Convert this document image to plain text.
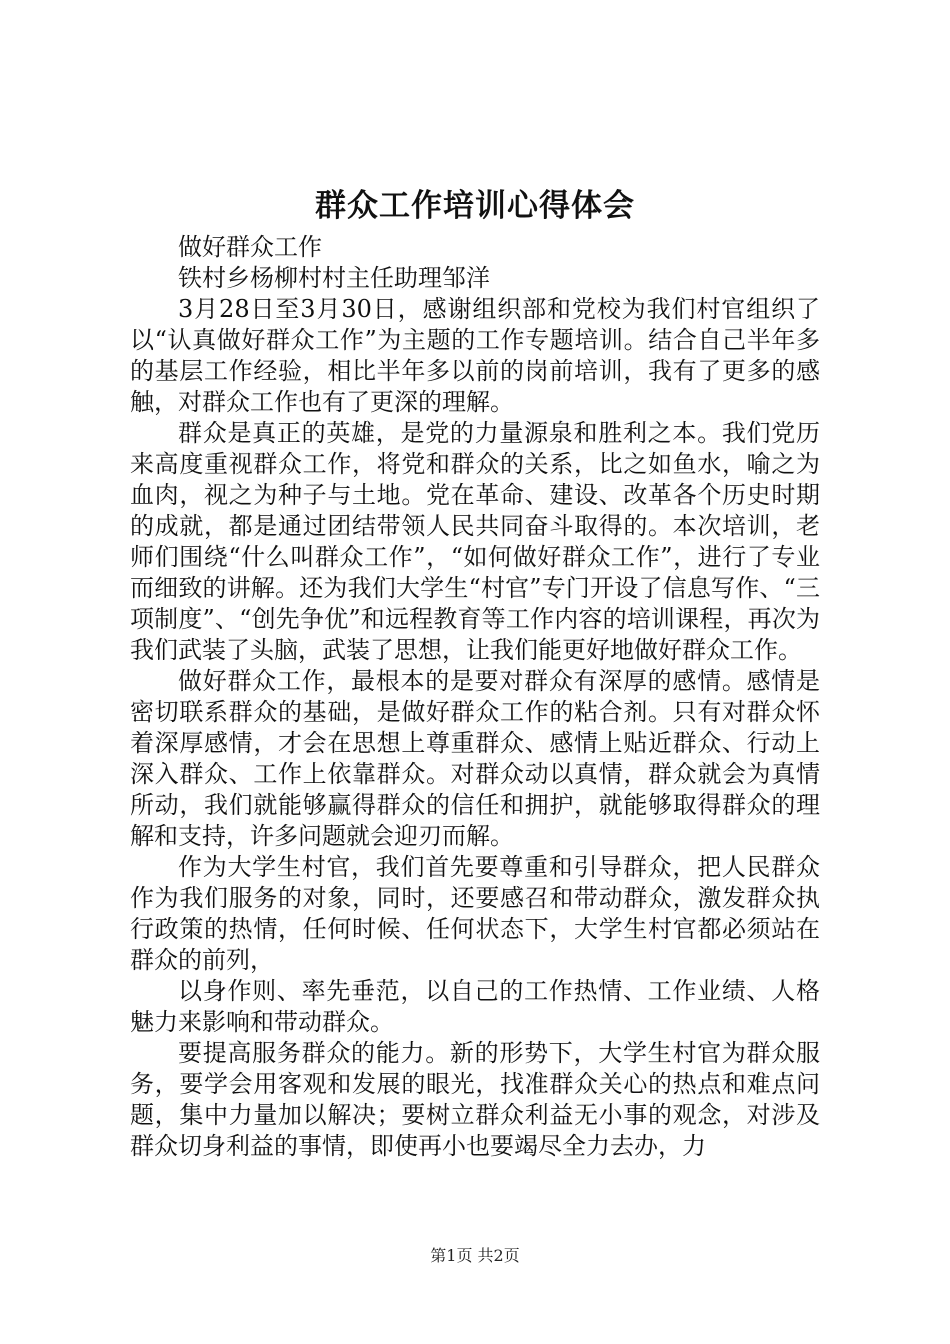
群众工作培训心得体会

做好群众工作

铁村乡杨柳村村主任助理邹洋

3月28日至3月30日，感谢组织部和党校为我们村官组织了以“认真做好群众工作”为主题的工作专题培训。结合自己半年多的基层工作经验，相比半年多以前的岗前培训，我有了更多的感触，对群众工作也有了更深的理解。

群众是真正的英雄，是党的力量源泉和胜利之本。我们党历来高度重视群众工作，将党和群众的关系，比之如鱼水，喻之为血肉，视之为种子与土地。党在革命、建设、改革各个历史时期的成就，都是通过团结带领人民共同奋斗取得的。本次培训，老师们围绕“什么叫群众工作”，“如何做好群众工作”，进行了专业而细致的讲解。还为我们大学生“村官”专门开设了信息写作、“三项制度”、“创先争优”和远程教育等工作内容的培训课程，再次为我们武装了头脑，武装了思想，让我们能更好地做好群众工作。

做好群众工作，最根本的是要对群众有深厚的感情。感情是密切联系群众的基础，是做好群众工作的粘合剂。只有对群众怀着深厚感情，才会在思想上尊重群众、感情上贴近群众、行动上深入群众、工作上依靠群众。对群众动以真情，群众就会为真情所动，我们就能够赢得群众的信任和拥护，就能够取得群众的理解和支持，许多问题就会迎刃而解。

作为大学生村官，我们首先要尊重和引导群众，把人民群众作为我们服务的对象，同时，还要感召和带动群众，激发群众执行政策的热情，任何时候、任何状态下，大学生村官都必须站在群众的前列，

以身作则、率先垂范，以自己的工作热情、工作业绩、人格魅力来影响和带动群众。

要提高服务群众的能力。新的形势下，大学生村官为群众服务，要学会用客观和发展的眼光，找准群众关心的热点和难点问题，集中力量加以解决；要树立群众利益无小事的观念，对涉及群众切身利益的事情，即使再小也要竭尽全力去办，力

第1页 共2页
